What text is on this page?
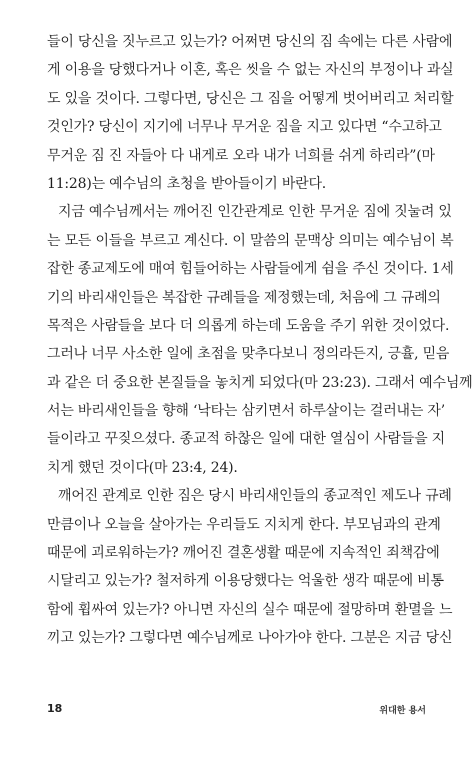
들이 당신을 짓누르고 있는가? 어쩌면 당신의 짐 속에는 다른 사람에
게 이용을 당했다거나 이혼, 혹은 씻을 수 없는 자신의 부정이나 과실
도 있을 것이다. 그렇다면, 당신은 그 짐을 어떻게 벗어버리고 처리할
것인가? 당신이 지기에 너무나 무거운 짐을 지고 있다면 “수고하고
무거운 짐 진 자들아 다 내게로 오라 내가 너희를 쉬게 하리라”(마
11:28)는 예수님의 초청을 받아들이기 바란다.

지금 예수님께서는 깨어진 인간관계로 인한 무거운 짐에 짓눌려 있
는 모든 이들을 부르고 계신다. 이 말씀의 문맥상 의미는 예수님이 복
잡한 종교제도에 매여 힘들어하는 사람들에게 쉼을 주신 것이다. 1세
기의 바리새인들은 복잡한 규례들을 제정했는데, 처음에 그 규례의
목적은 사람들을 보다 더 의롭게 하는데 도움을 주기 위한 것이었다.
그러나 너무 사소한 일에 초점을 맞추다보니 정의라든지, 긍휼, 믿음
과 같은 더 중요한 본질들을 놓치게 되었다(마 23:23). 그래서 예수님께
서는 바리새인들을 향해 ‘낙타는 삼키면서 하루살이는 걸러내는 자’
들이라고 꾸짖으셨다. 종교적 하찮은 일에 대한 열심이 사람들을 지
치게 했던 것이다(마 23:4, 24).

깨어진 관계로 인한 짐은 당시 바리새인들의 종교적인 제도나 규례
만큼이나 오늘을 살아가는 우리들도 지치게 한다. 부모님과의 관계
때문에 괴로워하는가? 깨어진 결혼생활 때문에 지속적인 죄책감에
시달리고 있는가? 철저하게 이용당했다는 억울한 생각 때문에 비통
함에 휩싸여 있는가? 아니면 자신의 실수 때문에 절망하며 환멸을 느
끼고 있는가? 그렇다면 예수님께로 나아가야 한다. 그분은 지금 당신

18	위대한 용서
